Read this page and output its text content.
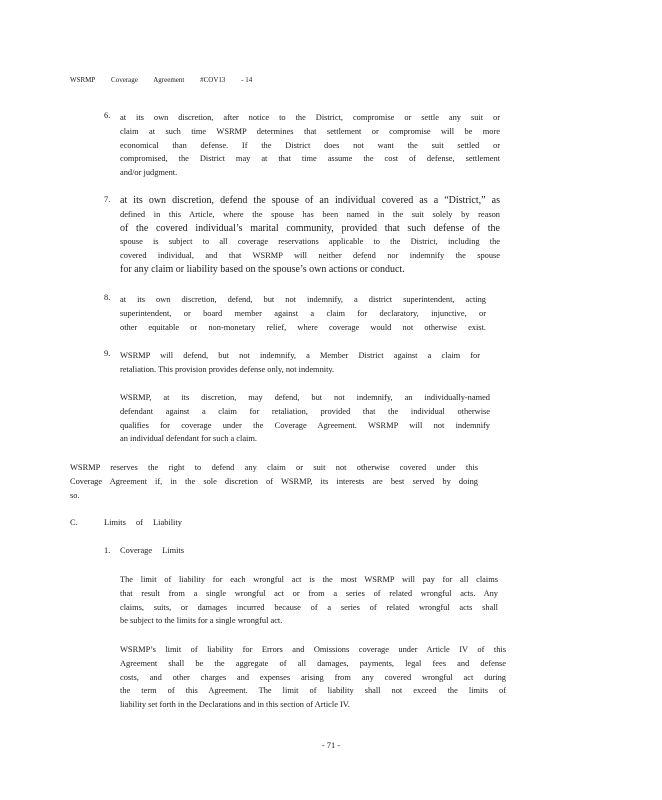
WSRMP Coverage Agreement #COV13 - 14
6. at its own discretion, after notice to the District, compromise or settle any suit or
claim at such time WSRMP determines that settlement or compromise will be more
economical than defense. If the District does not want the suit settled or
compromised, the District may at that time assume the cost of defense, settlement
and/or judgment.
7. at its own discretion, defend the spouse of an individual covered as a “District,” as
defined in this Article, where the spouse has been named in the suit solely by reason
of the covered individual’s marital community, provided that such defense of the
spouse is subject to all coverage reservations applicable to the District, including the
covered individual, and that WSRMP will neither defend nor indemnify the spouse
for any claim or liability based on the spouse’s own actions or conduct.
8. at its own discretion, defend, but not indemnify, a district superintendent, acting
superintendent, or board member against a claim for declaratory, injunctive, or
other equitable or non-monetary relief, where coverage would not otherwise exist.
9. WSRMP will defend, but not indemnify, a Member District against a claim for
retaliation. This provision provides defense only, not indemnity.
WSRMP, at its discretion, may defend, but not indemnify, an individually-named
defendant against a claim for retaliation, provided that the individual otherwise
qualifies for coverage under the Coverage Agreement. WSRMP will not indemnify
an individual defendant for such a claim.
WSRMP reserves the right to defend any claim or suit not otherwise covered under this
Coverage Agreement if, in the sole discretion of WSRMP, its interests are best served by doing
so.
C.	Limits of Liability
1. Coverage Limits
The limit of liability for each wrongful act is the most WSRMP will pay for all claims
that result from a single wrongful act or from a series of related wrongful acts. Any
claims, suits, or damages incurred because of a series of related wrongful acts shall
be subject to the limits for a single wrongful act.
WSRMP’s limit of liability for Errors and Omissions coverage under Article IV of this
Agreement shall be the aggregate of all damages, payments, legal fees and defense
costs, and other charges and expenses arising from any covered wrongful act during
the term of this Agreement. The limit of liability shall not exceed the limits of
liability set forth in the Declarations and in this section of Article IV.
- 71 -
